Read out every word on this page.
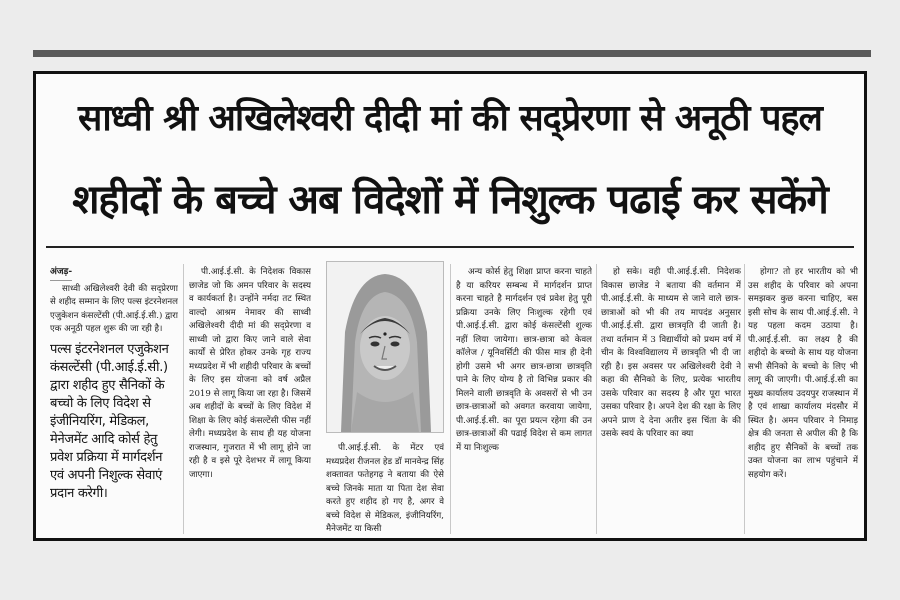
साध्वी श्री अखिलेश्वरी दीदी मां की सद्प्रेरणा से अनूठी पहल
शहीदों के बच्चे अब विदेशों में निशुल्क पढाई कर सकेंगे
अंजड़-

साध्वी अखिलेश्वरी देवी की सद्प्रेरणा से शहीद सम्मान के लिए पल्स इंटरनेशनल एजुकेशन कंसल्टेंसी (पी.आई.ई.सी.) द्वारा एक अनूठी पहल शुरू की जा रही है।

पल्स इंटरनेशनल एजुकेशन कंसल्टेंसी (पी.आई.ई.सी.) द्वारा शहीद हुए सैनिकों के बच्चो के लिए विदेश से इंजीनियरिंग, मेडिकल, मेनेजमेंट आदि कोर्स हेतु प्रवेश प्रक्रिया में मार्गदर्शन एवं अपनी निशुल्क सेवाएं प्रदान करेगी।

पी.आई.ई.सी. के निदेशक विकास छाजेड जो कि अमन परिवार के सदस्य व कार्यकर्ता है। उन्होंने नर्मदा तट स्थित वाल्दो आश्रम नेमावर की साध्वी अखिलेश्वरी दीदी मां की सद्प्रेरणा व साध्वी जो द्वारा किए जाने वाले सेवा कार्यों से प्रेरित होकर उनके गृह राज्य मध्यप्रदेश में भी शहीदी परिवार के बच्चों के लिए इस योजना को वर्ष अप्रैल 2019 से लागू किया जा रहा है। जिसमें अब शहीदों के बच्चों के लिए विदेश में शिक्षा के लिए कोई कंसल्टेंसी फीस नहीं लेगी। मध्यप्रदेश के साथ ही यह योजना राजस्थान, गुजरात में भी लागू होने जा रही है व इसे पूरे देशभर में लागू किया जाएगा।

पी.आई.ई.सी. के मेंटर एवं मध्यप्रदेश रीजनल हेड डॉ मानवेन्द्र सिंह शक्तावत फतेहगढ़ ने बताया की ऐसे बच्चे जिनके माता या पिता देश सेवा करते हुए शहीद हो गए है, अगर वे बच्चे विदेश से मेडिकल, इंजीनियरिंग, मैनेजमेंट या किसी

अन्य कोर्स हेतु शिक्षा प्राप्त करना चाहते है या करियर सम्बन्ध में मार्गदर्शन प्राप्त करना चाहते है मार्गदर्शन एवं प्रवेश हेतु पूरी प्रक्रिया उनके लिए निःशुल्क रहेगी एवं पी.आई.ई.सी. द्वारा कोई कंसल्टेंसी शुल्क नहीं लिया जायेगा। छात्र-छात्रा को केवल कॉलेज / यूनिवर्सिटी की फीस मात्र ही देनी होगी उसमे भी अगर छात्र-छात्रा छात्रवृति पाने के लिए योग्य है तो विभिन्न प्रकार की मिलने वाली छात्रवृति के अवसरों से भी उन छात्र-छात्राओं को अवगत करवाया जायेगा, पी.आई.ई.सी. का पूरा प्रयत्न रहेगा की उन छात्र-छात्राओं की पढाई विदेश से कम लागत में या निःशुल्क

हो सके। वही पी.आई.ई.सी. निदेशक विकास छाजेड ने बताया की वर्तमान में पी.आई.ई.सी. के माध्यम से जाने वाले छात्र-छात्राओं को भी की तय मापदंड अनुसार पी.आई.ई.सी. द्वारा छात्रवृति दी जाती है। तथा वर्तमान में 3 विद्यार्थीयो को प्रथम वर्ष में चीन के विश्वविद्यालय में छात्रवृति भी दी जा रही है। इस अवसर पर अखिलेश्वरी देवी ने कहा की सैनिको के लिए, प्रत्येक भारतीय उसके परिवार का सदस्य है और पूरा भारत उसका परिवार है। अपने देश की रक्षा के लिए अपने प्राण दे देना अतीर इस चिंता के की उसके स्वयं के परिवार का क्या

होगा? तो हर भारतीय को भी उस शहीद के परिवार को अपना समझकर कुछ करना चाहिए, बस इसी सोच के साथ पी.आई.ई.सी. ने यह पहला कदम उठाया है। पी.आई.ई.सी. का लक्ष्य है की शहीदो के बच्चो के साथ यह योजना सभी सैनिको के बच्चो के लिए भी लागू की जाएगी। पी.आई.ई.सी का मुख्य कार्यालय उदयपुर राजस्थान में है एवं शाखा कार्यालय मंदसौर में स्थित है। अमन परिवार ने निमाड़ क्षेत्र की जनता से अपील की है कि शहीद हुए सैनिकों के बच्चों तक उक्त योजना का लाभ पहुंचाने में सहयोग करें।
